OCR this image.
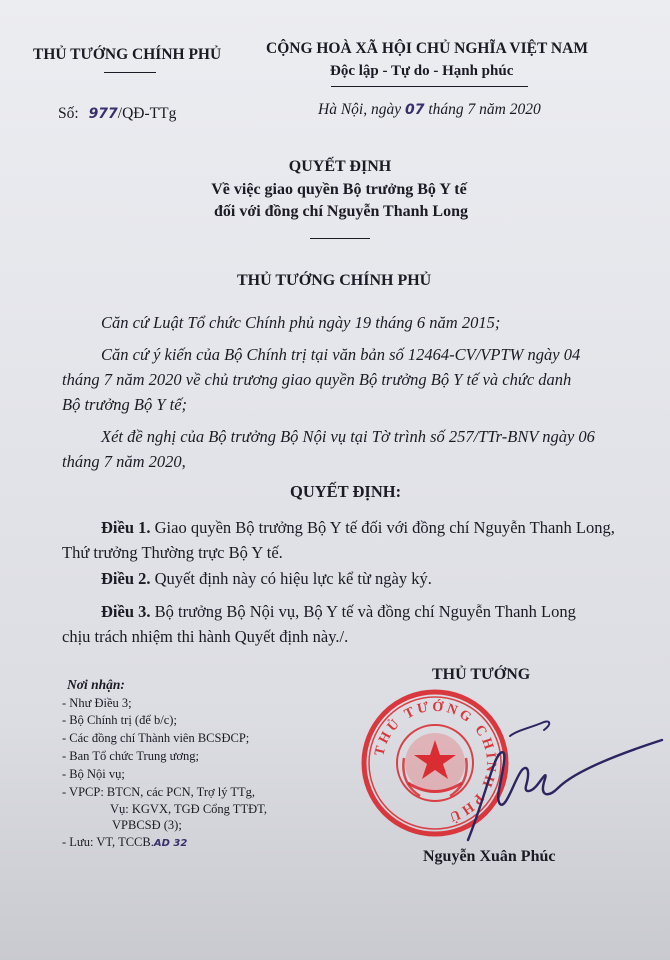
THỦ TƯỚNG CHÍNH PHỦ	CỘNG HOÀ XÃ HỘI CHỦ NGHĨA VIỆT NAM
Độc lập - Tự do - Hạnh phúc
Số: 977/QĐ-TTg	Hà Nội, ngày 07 tháng 7 năm 2020
QUYẾT ĐỊNH
Về việc giao quyền Bộ trưởng Bộ Y tế
đối với đồng chí Nguyễn Thanh Long
THỦ TƯỚNG CHÍNH PHỦ
Căn cứ Luật Tổ chức Chính phủ ngày 19 tháng 6 năm 2015;
Căn cứ ý kiến của Bộ Chính trị tại văn bản số 12464-CV/VPTW ngày 04
tháng 7 năm 2020 về chủ trương giao quyền Bộ trưởng Bộ Y tế và chức danh
Bộ trưởng Bộ Y tế;
Xét đề nghị của Bộ trưởng Bộ Nội vụ tại Tờ trình số 257/TTr-BNV ngày 06
tháng 7 năm 2020,
QUYẾT ĐỊNH:
Điều 1. Giao quyền Bộ trưởng Bộ Y tế đối với đồng chí Nguyễn Thanh Long,
Thứ trưởng Thường trực Bộ Y tế.
Điều 2. Quyết định này có hiệu lực kể từ ngày ký.
Điều 3. Bộ trưởng Bộ Nội vụ, Bộ Y tế và đồng chí Nguyễn Thanh Long
chịu trách nhiệm thi hành Quyết định này./.
Nơi nhận:
- Như Điều 3;
- Bộ Chính trị (để b/c);
- Các đồng chí Thành viên BCSĐCP;
- Ban Tổ chức Trung ương;
- Bộ Nội vụ;
- VPCP: BTCN, các PCN, Trợ lý TTg,
Vụ: KGVX, TGĐ Cổng TTĐT,
VPBCSĐ (3);
- Lưu: VT, TCCB.AD 32
THỦ TƯỚNG
THỦ TƯỚNG CHÍNH PHỦ
Nguyễn Xuân Phúc
